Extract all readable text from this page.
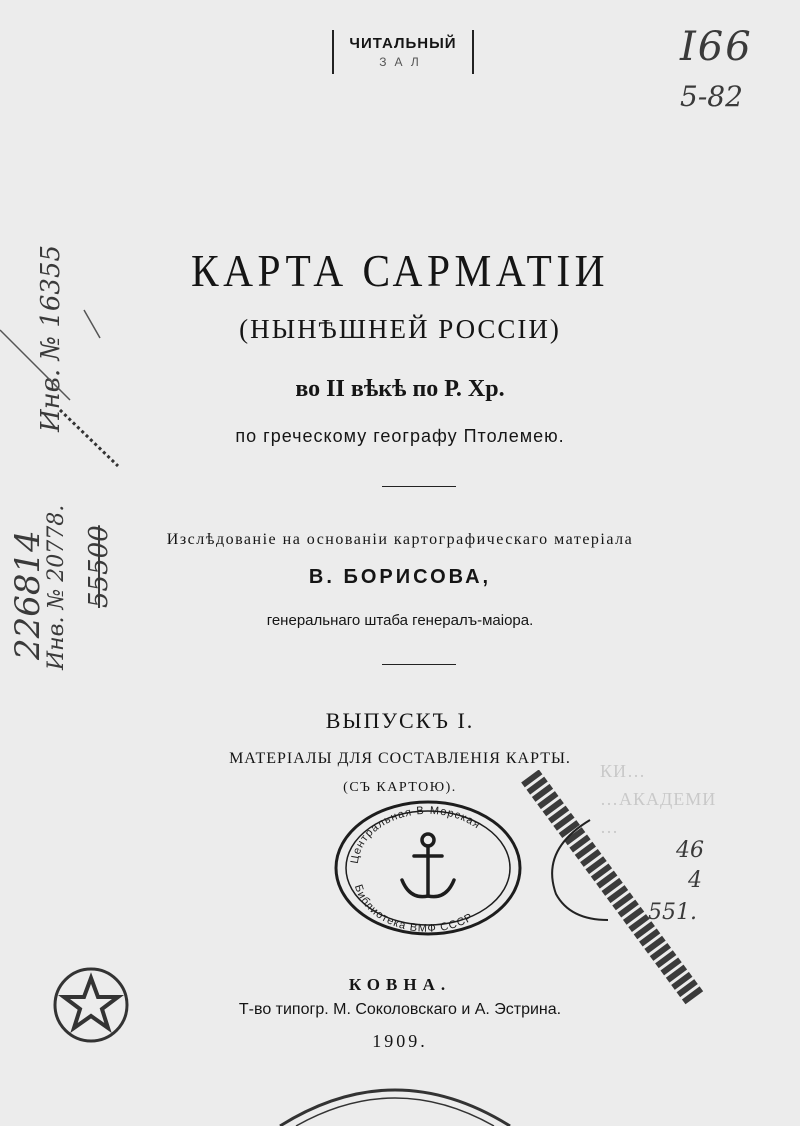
ЧИТАЛЬНЫЙ
ЗАЛ	I66
5-82
КАРТА САРМАТІИ
(НЫНѢШНЕЙ РОССІИ)
во II вѣкѣ по Р. Хр.
по греческому географу Птолемею.
Изслѣдованіе на основаніи картографическаго матеріала
В. БОРИСОВА,
генеральнаго штаба генералъ-маіора.
ВЫПУСКЪ I.
МАТЕРІАЛЫ ДЛЯ СОСТАВЛЕНІЯ КАРТЫ.
(СЪ КАРТОЮ).
КОВНА.
Т-во типогр. М. Соколовскаго и А. Эстрина.
1909.
КИ…
…АКАДЕМИ
…
226814
Инв. № 20778.
Инв. № 16355
55500
Центральная В-Морская
Библиотека ВМФ СССР
46
4
551.
